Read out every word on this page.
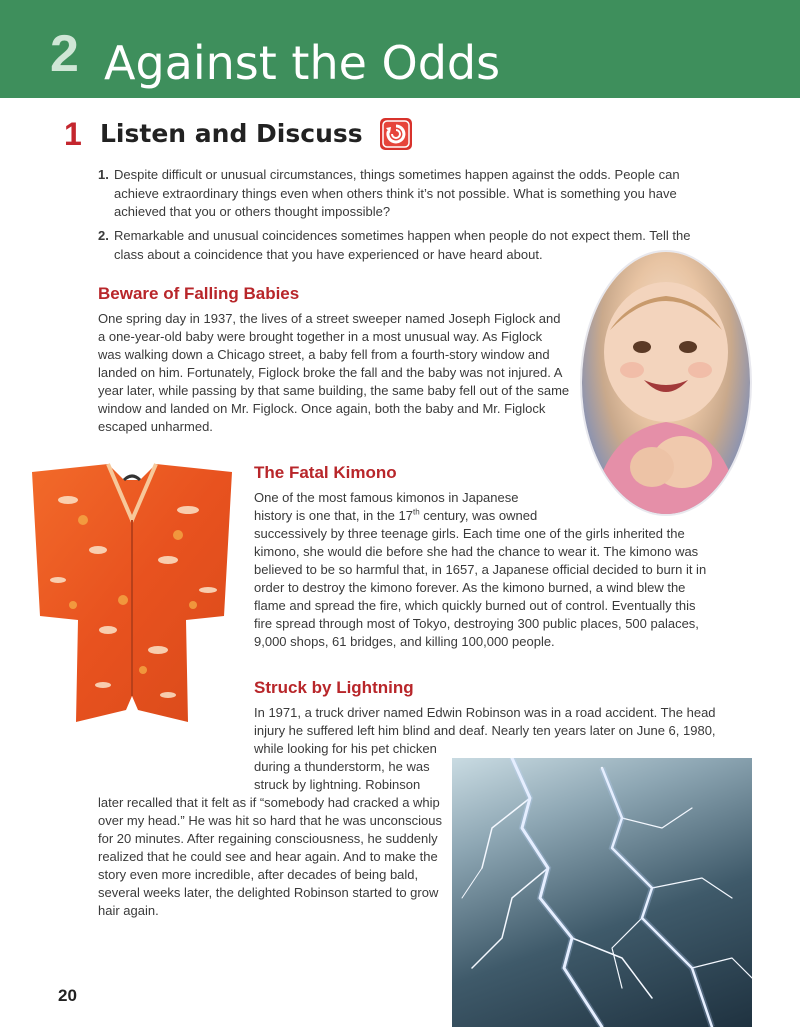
2 Against the Odds
1 Listen and Discuss
1. Despite difficult or unusual circumstances, things sometimes happen against the odds. People can achieve extraordinary things even when others think it’s not possible. What is something you have achieved that you or others thought impossible?
2. Remarkable and unusual coincidences sometimes happen when people do not expect them. Tell the class about a coincidence that you have experienced or have heard about.
Beware of Falling Babies
One spring day in 1937, the lives of a street sweeper named Joseph Figlock and
a one-year-old baby were brought together in a most unusual way. As Figlock
was walking down a Chicago street, a baby fell from a fourth-story window and
landed on him. Fortunately, Figlock broke the fall and the baby was not injured. A
year later, while passing by that same building, the same baby fell out of the same
window and landed on Mr. Figlock. Once again, both the baby and Mr. Figlock
escaped unharmed.
The Fatal Kimono
One of the most famous kimonos in Japanese
history is one that, in the 17th century, was owned
successively by three teenage girls. Each time one of the girls inherited the
kimono, she would die before she had the chance to wear it. The kimono was
believed to be so harmful that, in 1657, a Japanese official decided to burn it in
order to destroy the kimono forever. As the kimono burned, a wind blew the
flame and spread the fire, which quickly burned out of control. Eventually this
fire spread through most of Tokyo, destroying 300 public places, 500 palaces,
9,000 shops, 61 bridges, and killing 100,000 people.
Struck by Lightning
In 1971, a truck driver named Edwin Robinson was in a road accident. The head
injury he suffered left him blind and deaf. Nearly ten years later on June 6, 1980,
while looking for his pet chicken
during a thunderstorm, he was
struck by lightning. Robinson
later recalled that it felt as if “somebody had cracked a whip
over my head.” He was hit so hard that he was unconscious
for 20 minutes. After regaining consciousness, he suddenly
realized that he could see and hear again. And to make the
story even more incredible, after decades of being bald,
several weeks later, the delighted Robinson started to grow
hair again.
20
